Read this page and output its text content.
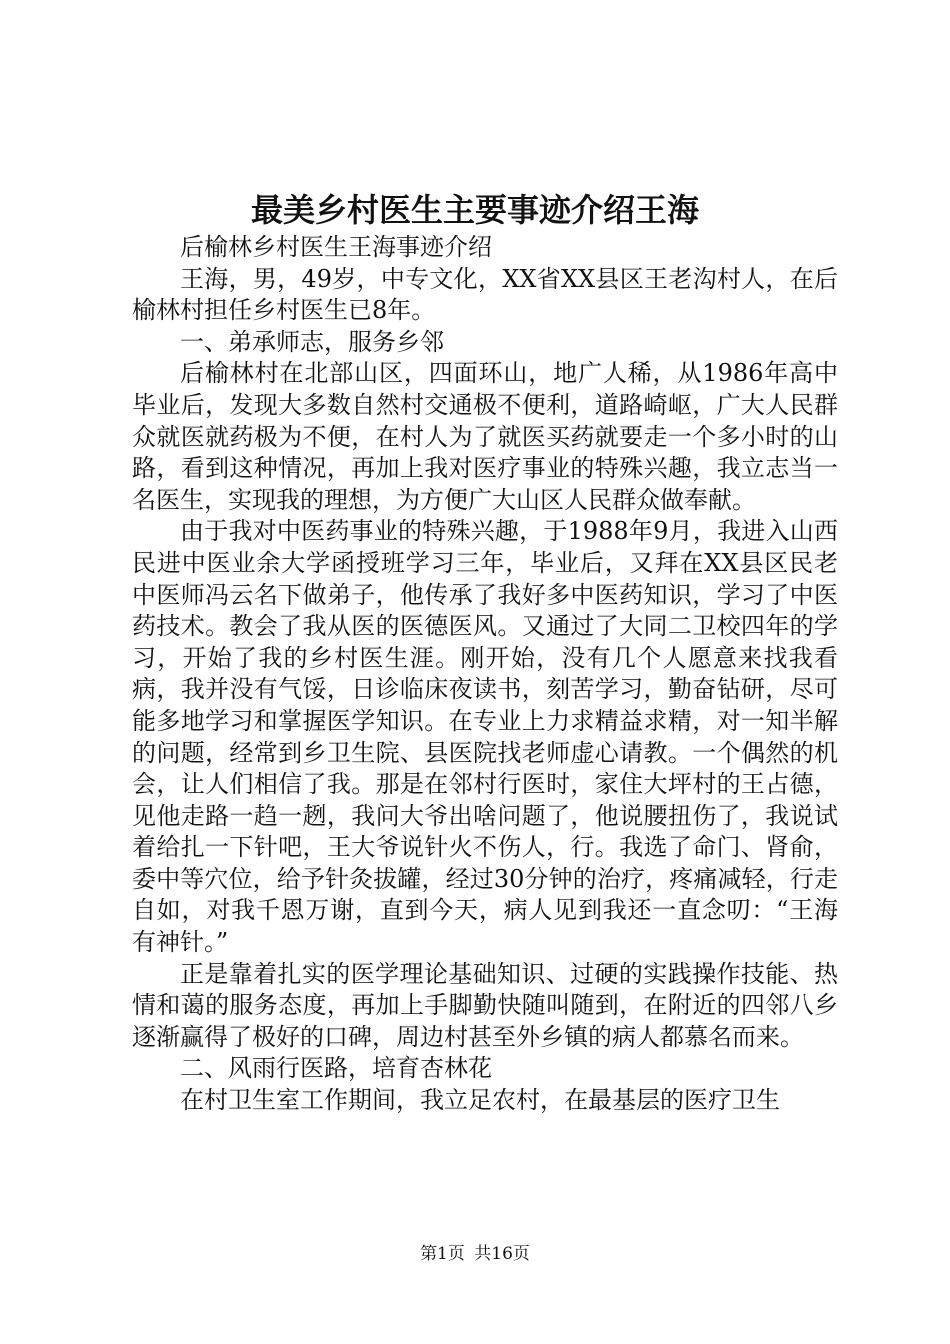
最美乡村医生主要事迹介绍王海

后榆林乡村医生王海事迹介绍

王海，男，49岁，中专文化，XX省XX县区王老沟村人，在后榆林村担任乡村医生已8年。

一、弟承师志，服务乡邻

后榆林村在北部山区，四面环山，地广人稀，从1986年高中毕业后，发现大多数自然村交通极不便利，道路崎岖，广大人民群众就医就药极为不便，在村人为了就医买药就要走一个多小时的山路，看到这种情况，再加上我对医疗事业的特殊兴趣，我立志当一名医生，实现我的理想，为方便广大山区人民群众做奉献。

由于我对中医药事业的特殊兴趣，于1988年9月，我进入山西民进中医业余大学函授班学习三年，毕业后，又拜在XX县区民老中医师冯云名下做弟子，他传承了我好多中医药知识，学习了中医药技术。教会了我从医的医德医风。又通过了大同二卫校四年的学习，开始了我的乡村医生涯。刚开始，没有几个人愿意来找我看病，我并没有气馁，日诊临床夜读书，刻苦学习，勤奋钻研，尽可能多地学习和掌握医学知识。在专业上力求精益求精，对一知半解的问题，经常到乡卫生院、县医院找老师虚心请教。一个偶然的机会，让人们相信了我。那是在邻村行医时，家住大坪村的王占德，见他走路一趋一趔，我问大爷出啥问题了，他说腰扭伤了，我说试着给扎一下针吧，王大爷说针火不伤人，行。我选了命门、肾俞，委中等穴位，给予针灸拔罐，经过30分钟的治疗，疼痛减轻，行走自如，对我千恩万谢，直到今天，病人见到我还一直念叨：“王海有神针。”

正是靠着扎实的医学理论基础知识、过硬的实践操作技能、热情和蔼的服务态度，再加上手脚勤快随叫随到，在附近的四邻八乡逐渐赢得了极好的口碑，周边村甚至外乡镇的病人都慕名而来。

二、风雨行医路，培育杏林花

在村卫生室工作期间，我立足农村，在最基层的医疗卫生

第1页 共16页
